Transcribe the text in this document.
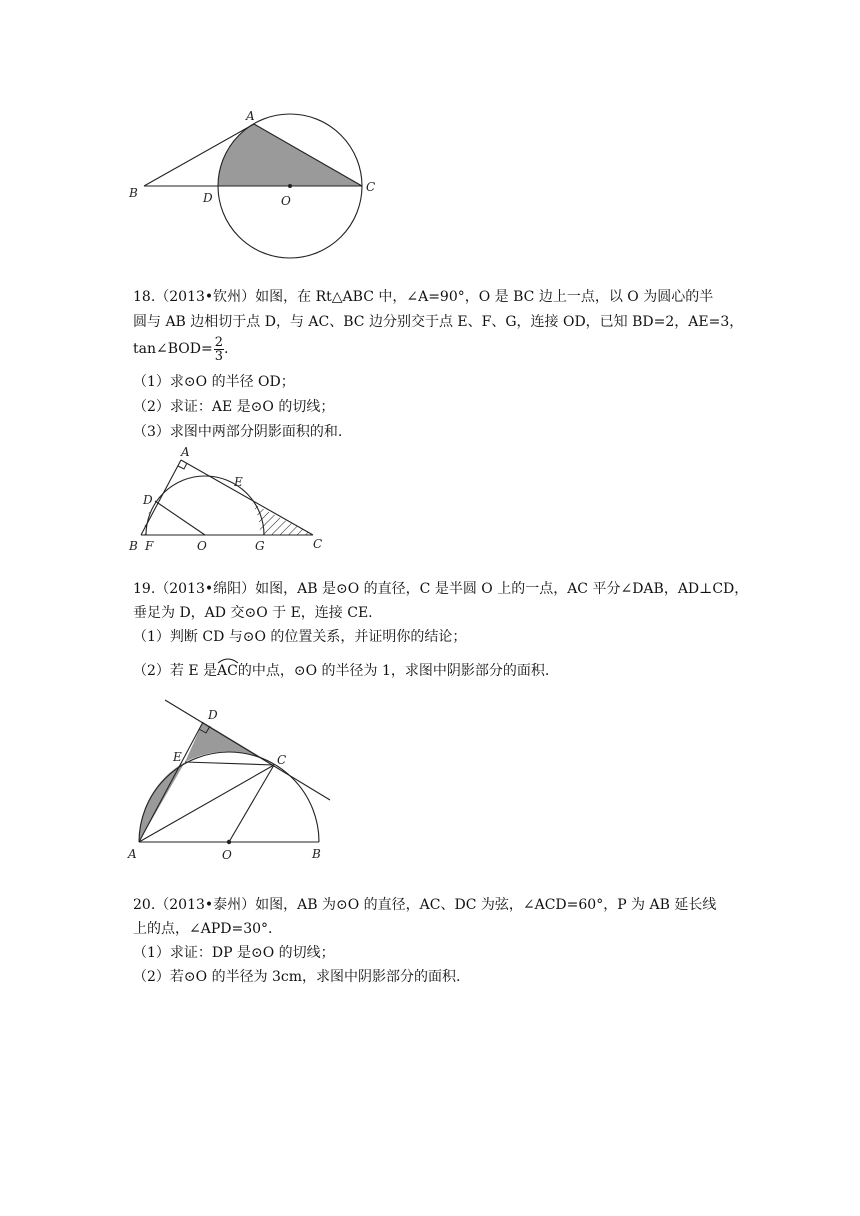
A
B	C
D	O
18.（2013•钦州）如图，在 Rt△ABC 中，∠A=90°，O 是 BC 边上一点，以 O 为圆心的半
圆与 AB 边相切于点 D，与 AC、BC 边分别交于点 E、F、G，连接 OD，已知 BD=2，AE=3，
tan∠BOD= $\frac{2}{3}$ .
（1）求⊙O 的半径 OD；
（2）求证：AE 是⊙O 的切线；
（3）求图中两部分阴影面积的和.
A
D
E
B F	O	G	C
19.（2013•绵阳）如图，AB 是⊙O 的直径，C 是半圆 O 上的一点，AC 平分∠DAB，AD⊥CD，
垂足为 D，AD 交⊙O 于 E，连接 CE.
（1）判断 CD 与⊙O 的位置关系，并证明你的结论；
（2）若 E 是
AC的中点，⊙O 的半径为 1，求图中阴影部分的面积.
D
E	C
A	O	B
20.（2013•泰州）如图，AB 为⊙O 的直径，AC、DC 为弦，∠ACD=60°，P 为 AB 延长线
上的点，∠APD=30°.
（1）求证：DP 是⊙O 的切线；
（2）若⊙O 的半径为 3cm，求图中阴影部分的面积.
